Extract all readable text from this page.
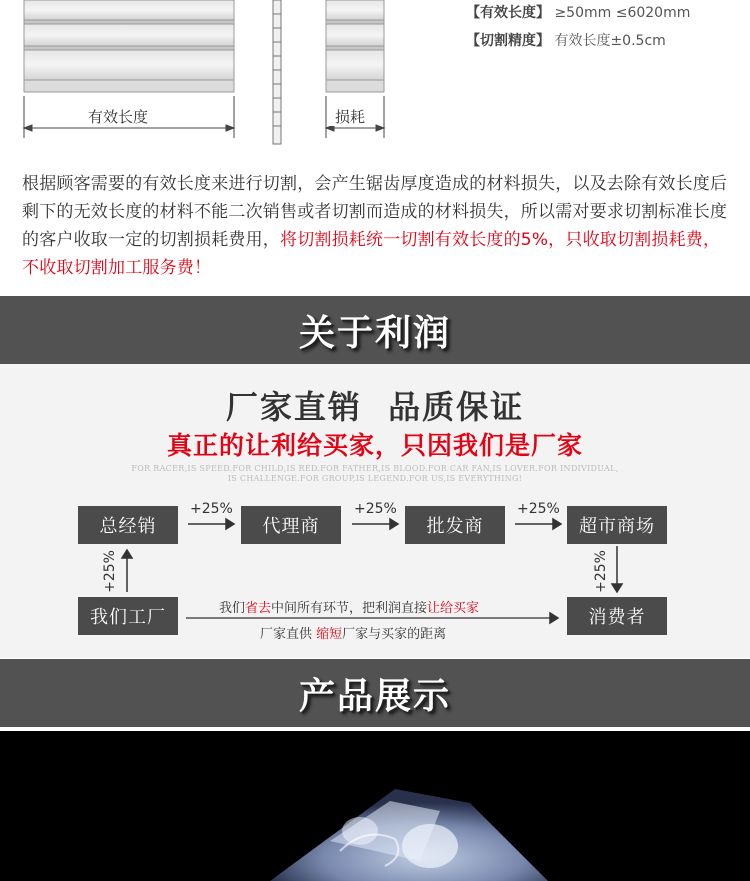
有效长度	损耗
【有效长度】 ≥50mm ≤6020mm
【切割精度】 有效长度±0.5cm
根据顾客需要的有效长度来进行切割，会产生锯齿厚度造成的材料损失，以及去除有效长度后剩下的无效长度的材料不能二次销售或者切割而造成的材料损失，所以需对要求切割标准长度的客户收取一定的切割损耗费用，将切割损耗统一切割有效长度的5%，只收取切割损耗费，不收取切割加工服务费！
关于利润
厂家直销  品质保证
真正的让利给买家，只因我们是厂家
FOR RACER,IS SPEED.FOR CHILD,IS RED.FOR FATHER,IS BLOOD.FOR CAR FAN,IS LOVER.FOR INDIVIDUAL,
IS CHALLENGE.FOR GROUP,IS LEGEND.FOR US,IS EVERYTHING!
总经销	代理商	批发商	超市商场
+25%	+25%	+25%
+25%	+25%
我们工厂	消费者
我们省去中间所有环节，把利润直接让给买家
厂家直供 缩短厂家与买家的距离
产品展示
